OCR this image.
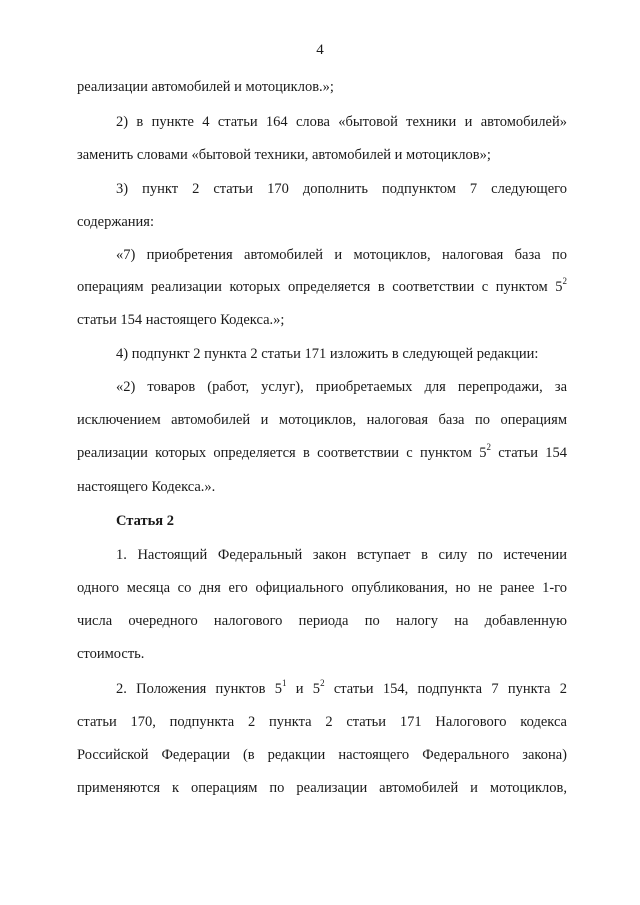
4
реализации автомобилей и мотоциклов.»;
2) в пункте 4 статьи 164 слова «бытовой техники и автомобилей»
заменить словами «бытовой техники, автомобилей и мотоциклов»;
3) пункт 2 статьи 170 дополнить подпунктом 7 следующего
содержания:
«7) приобретения автомобилей и мотоциклов, налоговая база по
операциям реализации которых определяется в соответствии с пунктом $5^2$
статьи 154 настоящего Кодекса.»;
4) подпункт 2 пункта 2 статьи 171 изложить в следующей редакции:
«2) товаров (работ, услуг), приобретаемых для перепродажи, за
исключением автомобилей и мотоциклов, налоговая база по операциям
реализации которых определяется в соответствии с пунктом $5^2$ статьи 154
настоящего Кодекса.».
Статья 2
1. Настоящий Федеральный закон вступает в силу по истечении
одного месяца со дня его официального опубликования, но не ранее 1-го
числа очередного налогового периода по налогу на добавленную
стоимость.
2. Положения пунктов $5^1$ и $5^2$ статьи 154, подпункта 7 пункта 2
статьи 170, подпункта 2 пункта 2 статьи 171 Налогового кодекса
Российской Федерации (в редакции настоящего Федерального закона)
применяются к операциям по реализации автомобилей и мотоциклов,
